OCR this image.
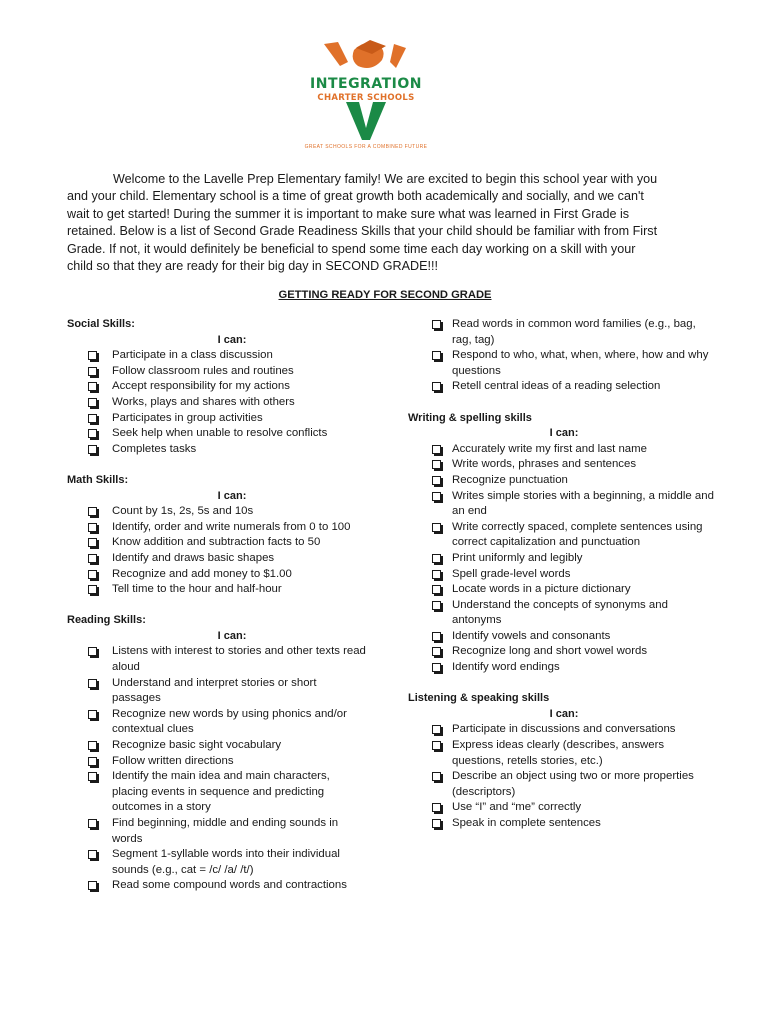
INTEGRATION
CHARTER SCHOOLS
GREAT SCHOOLS FOR A COMBINED FUTURE

Welcome to the Lavelle Prep Elementary family! We are excited to begin this school year with you
and your child. Elementary school is a time of great growth both academically and socially, and we can't
wait to get started! During the summer it is important to make sure what was learned in First Grade is
retained. Below is a list of Second Grade Readiness Skills that your child should be familiar with from First
Grade. If not, it would definitely be beneficial to spend some time each day working on a skill with your
child so that they are ready for their big day in SECOND GRADE!!!

GETTING READY FOR SECOND GRADE
Social Skills:
I can:
Participate in a class discussion
Follow classroom rules and routines
Accept responsibility for my actions
Works, plays and shares with others
Participates in group activities
Seek help when unable to resolve conflicts
Completes tasks
Math Skills:
I can:
Count by 1s, 2s, 5s and 10s
Identify, order and write numerals from 0 to 100
Know addition and subtraction facts to 50
Identify and draws basic shapes
Recognize and add money to $1.00
Tell time to the hour and half-hour
Reading Skills:
I can:
Listens with interest to stories and other texts read aloud
Understand and interpret stories or short passages
Recognize new words by using phonics and/or contextual clues
Recognize basic sight vocabulary
Follow written directions
Identify the main idea and main characters, placing events in sequence and predicting outcomes in a story
Find beginning, middle and ending sounds in words
Segment 1-syllable words into their individual sounds (e.g., cat = /c/ /a/ /t/)
Read some compound words and contractions
Read words in common word families (e.g., bag, rag, tag)
Respond to who, what, when, where, how and why questions
Retell central ideas of a reading selection
Writing & spelling skills
I can:
Accurately write my first and last name
Write words, phrases and sentences
Recognize punctuation
Writes simple stories with a beginning, a middle and an end
Write correctly spaced, complete sentences using correct capitalization and punctuation
Print uniformly and legibly
Spell grade-level words
Locate words in a picture dictionary
Understand the concepts of synonyms and antonyms
Identify vowels and consonants
Recognize long and short vowel words
Identify word endings
Listening & speaking skills
I can:
Participate in discussions and conversations
Express ideas clearly (describes, answers questions, retells stories, etc.)
Describe an object using two or more properties (descriptors)
Use “I” and “me” correctly
Speak in complete sentences
